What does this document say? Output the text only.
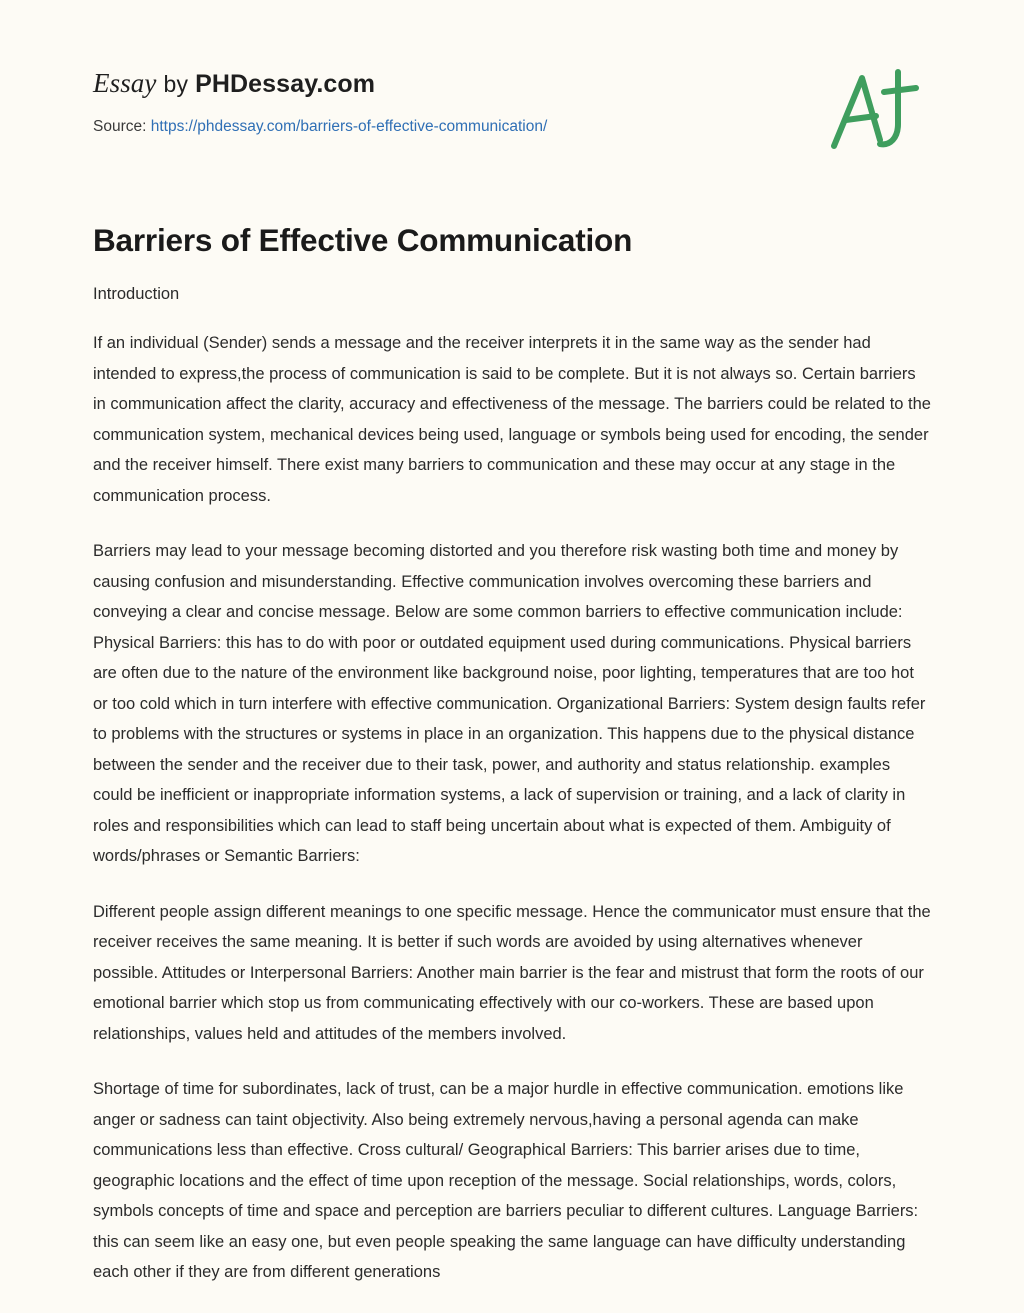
Essay by PHDessay.com
Source: https://phdessay.com/barriers-of-effective-communication/
Barriers of Effective Communication
Introduction

If an individual (Sender) sends a message and the receiver interprets it in the same way as the sender had intended to express,the process of communication is said to be complete. But it is not always so. Certain barriers in communication affect the clarity, accuracy and effectiveness of the message. The barriers could be related to the communication system, mechanical devices being used, language or symbols being used for encoding, the sender and the receiver himself. There exist many barriers to communication and these may occur at any stage in the communication process.

Barriers may lead to your message becoming distorted and you therefore risk wasting both time and money by causing confusion and misunderstanding. Effective communication involves overcoming these barriers and conveying a clear and concise message. Below are some common barriers to effective communication include: Physical Barriers: this has to do with poor or outdated equipment used during communications. Physical barriers are often due to the nature of the environment like background noise, poor lighting, temperatures that are too hot or too cold which in turn interfere with effective communication. Organizational Barriers: System design faults refer to problems with the structures or systems in place in an organization. This happens due to the physical distance between the sender and the receiver due to their task, power, and authority and status relationship. examples could be inefficient or inappropriate information systems, a lack of supervision or training, and a lack of clarity in roles and responsibilities which can lead to staff being uncertain about what is expected of them. Ambiguity of words/phrases or Semantic Barriers:

Different people assign different meanings to one specific message. Hence the communicator must ensure that the receiver receives the same meaning. It is better if such words are avoided by using alternatives whenever possible. Attitudes or Interpersonal Barriers: Another main barrier is the fear and mistrust that form the roots of our emotional barrier which stop us from communicating effectively with our co-workers. These are based upon relationships, values held and attitudes of the members involved.

Shortage of time for subordinates, lack of trust, can be a major hurdle in effective communication. emotions like anger or sadness can taint objectivity. Also being extremely nervous,having a personal agenda can make communications less than effective. Cross cultural/ Geographical Barriers: This barrier arises due to time, geographic locations and the effect of time upon reception of the message. Social relationships, words, colors, symbols concepts of time and space and perception are barriers peculiar to different cultures. Language Barriers: this can seem like an easy one, but even people speaking the same language can have difficulty understanding each other if they are from different generations
